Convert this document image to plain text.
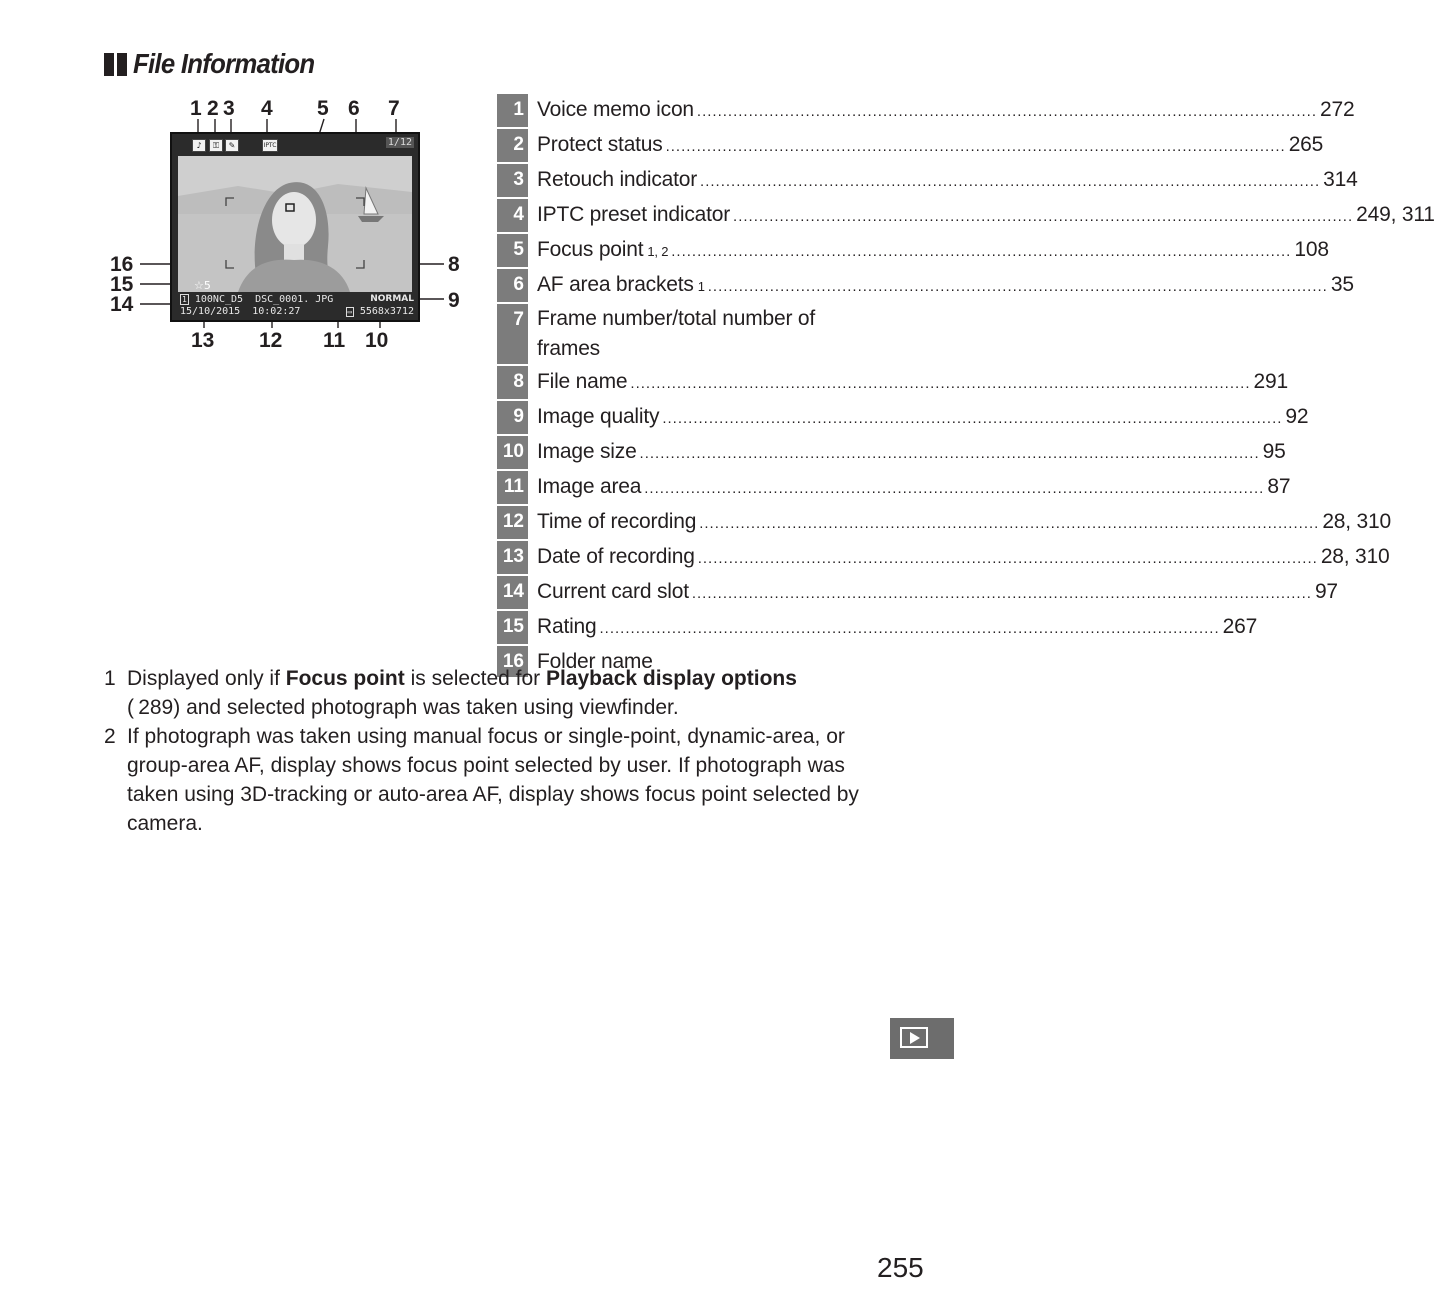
File Information
1 2 3 4 5 6 7
8
9
10
11
12
13
14
15
16
♪	⚿	✎	IPTC	1/12
☆5
1 100NC_D5  DSC_0001. JPG	NORMAL
15/10/2015  10:02:27	▭ 5568x3712
1 Voice memo icon ........................................................................................................................ 272
2 Protect status ........................................................................................................................ 265
3 Retouch indicator ........................................................................................................................ 314
4 IPTC preset indicator ........................................................................................................................ 249, 311
5 Focus point 1, 2 ........................................................................................................................ 108
6 AF area brackets 1 ........................................................................................................................ 35
7 Frame number/total number of frames
8 File name ........................................................................................................................ 291
9 Image quality ........................................................................................................................ 92
10 Image size ........................................................................................................................ 95
11 Image area ........................................................................................................................ 87
12 Time of recording ........................................................................................................................ 28, 310
13 Date of recording ........................................................................................................................ 28, 310
14 Current card slot ........................................................................................................................ 97
15 Rating ........................................................................................................................ 267
16 Folder name
1 Displayed only if Focus point is selected for Playback display options
( 289) and selected photograph was taken using viewfinder.
2 If photograph was taken using manual focus or single-point, dynamic-area, or group-area AF, display shows focus point selected by user. If photograph was taken using 3D-tracking or auto-area AF, display shows focus point selected by camera.
255
